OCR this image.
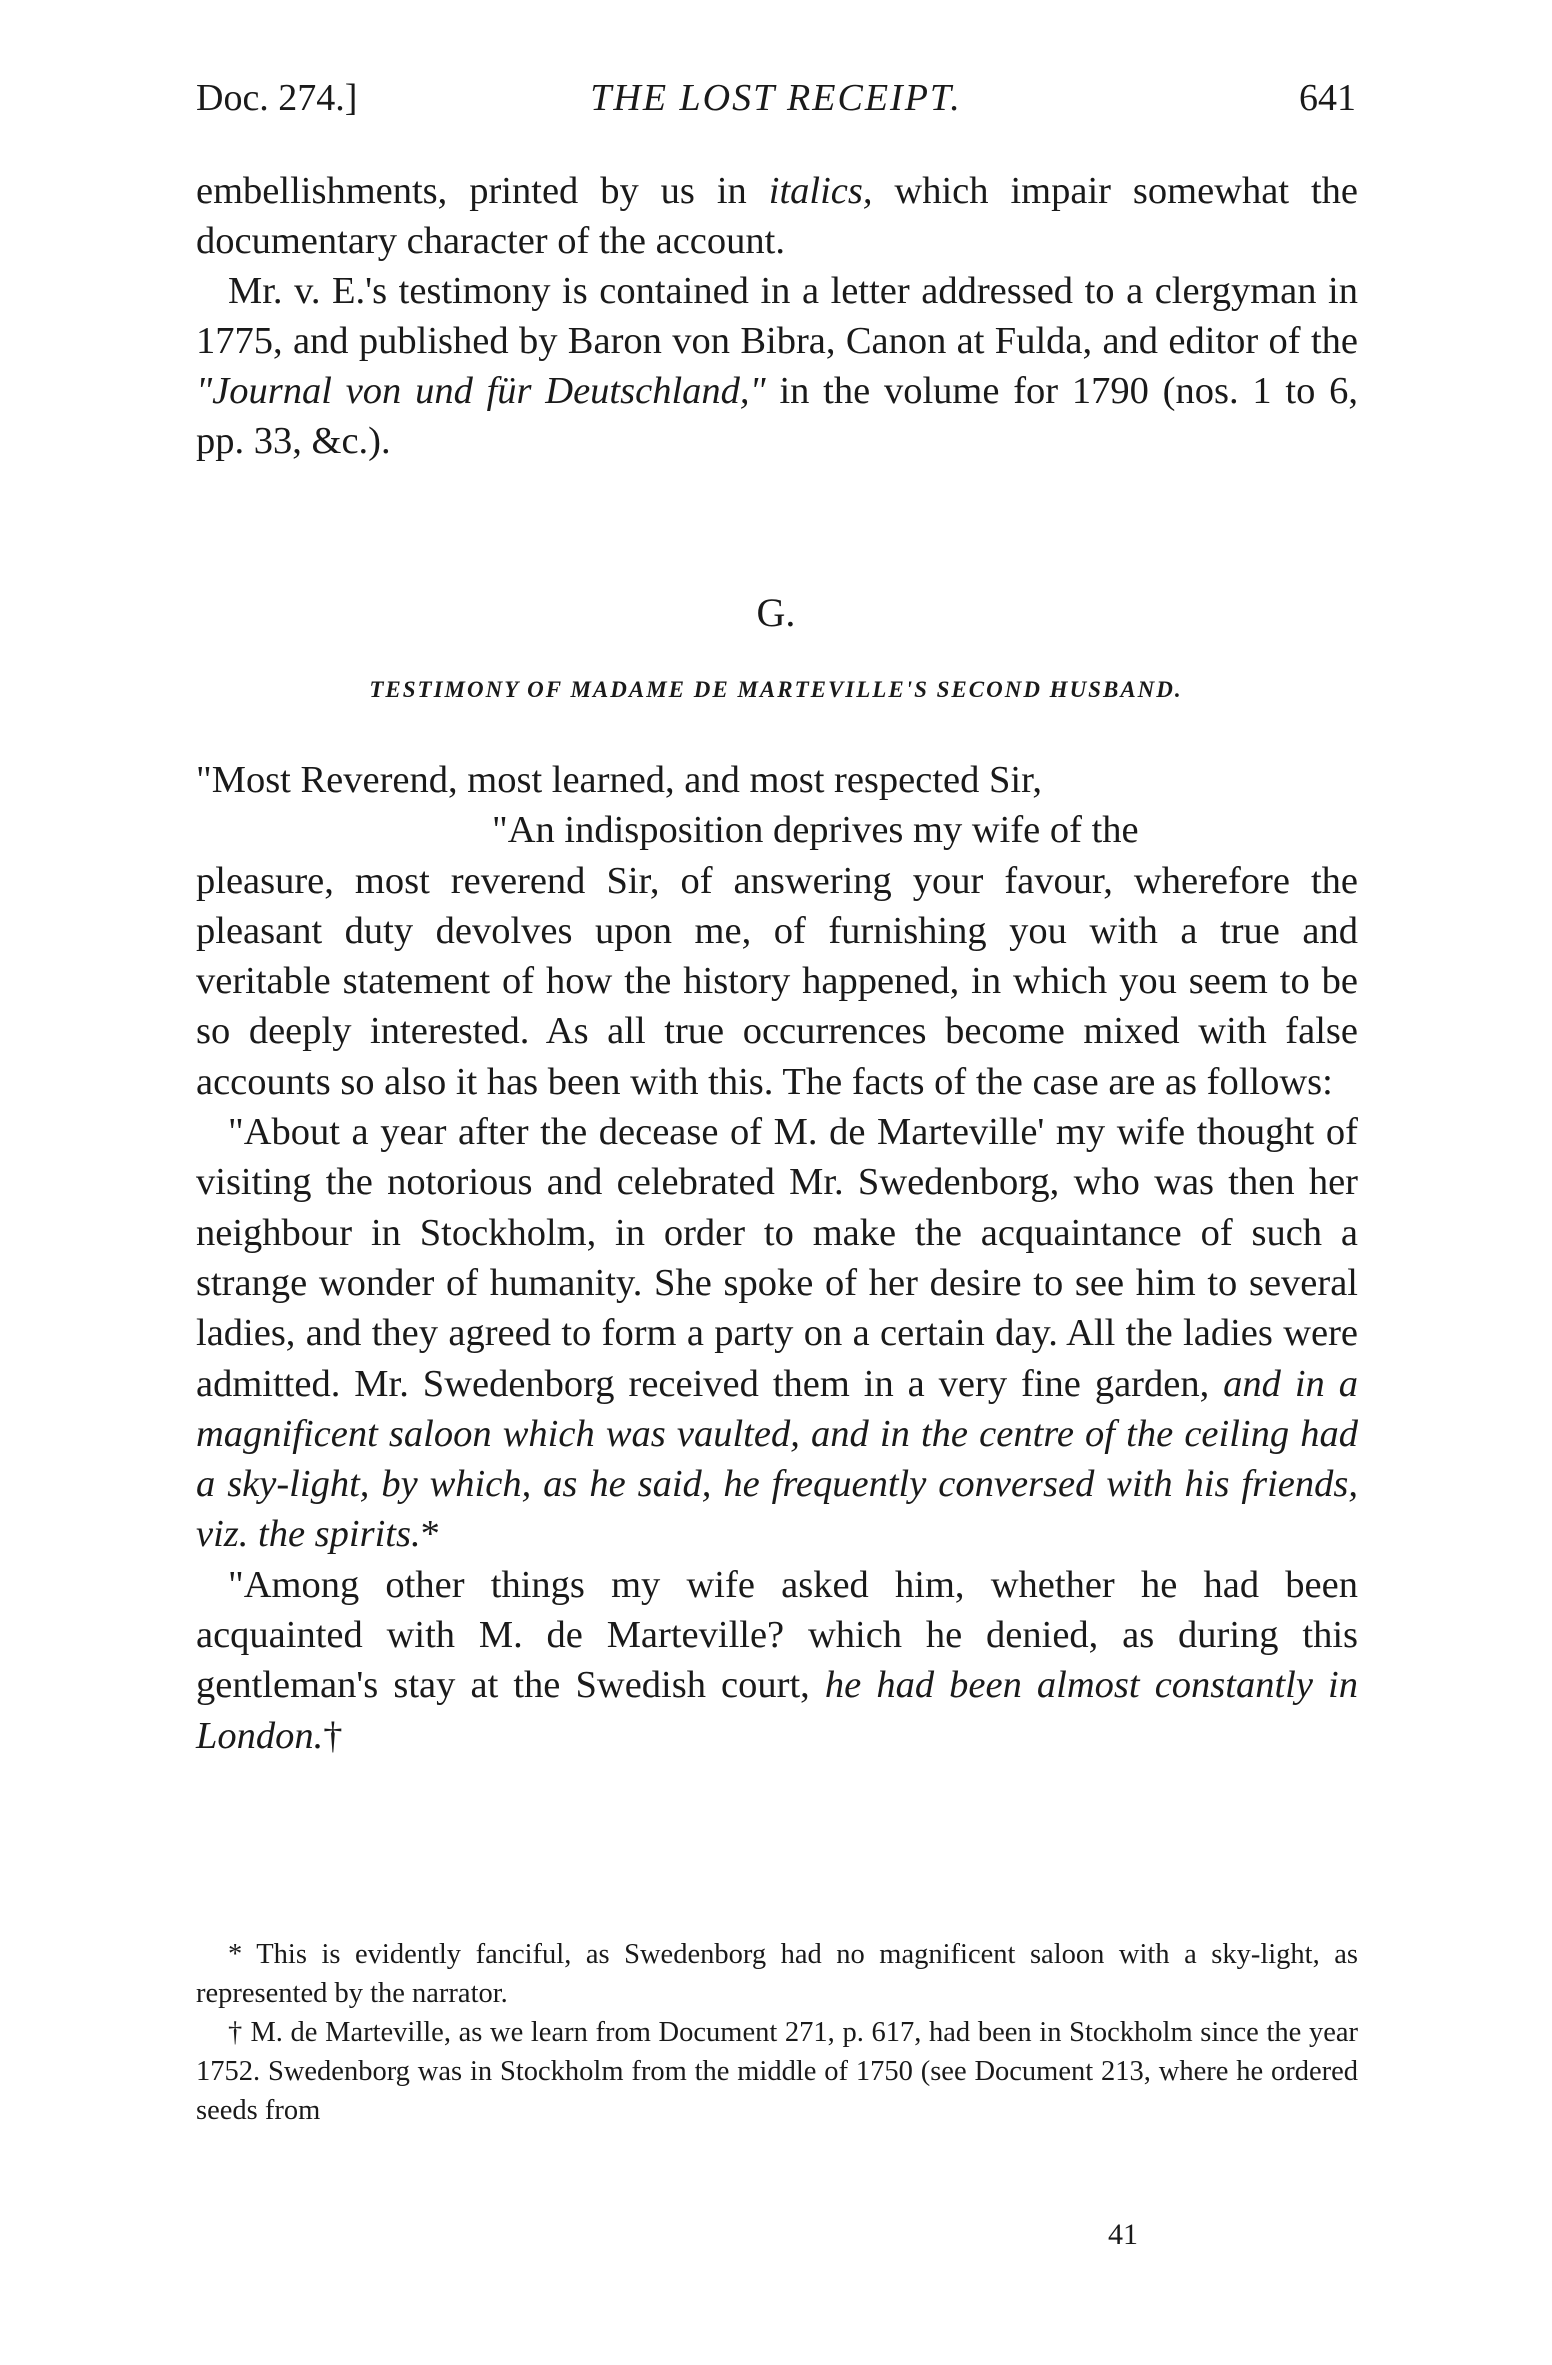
Doc. 274.]	THE LOST RECEIPT.	641

embellishments, printed by us in italics, which impair somewhat the documentary character of the account.

Mr. v. E.'s testimony is contained in a letter addressed to a clergyman in 1775, and published by Baron von Bibra, Canon at Fulda, and editor of the "Journal von und für Deutschland," in the volume for 1790 (nos. 1 to 6, pp. 33, &c.).

G.
TESTIMONY OF MADAME DE MARTEVILLE'S SECOND HUSBAND.

"Most Reverend, most learned, and most respected Sir,

"An indisposition deprives my wife of the

pleasure, most reverend Sir, of answering your favour, wherefore the pleasant duty devolves upon me, of furnishing you with a true and veritable statement of how the history happened, in which you seem to be so deeply interested. As all true occurrences become mixed with false accounts so also it has been with this. The facts of the case are as follows:

"About a year after the decease of M. de Marteville' my wife thought of visiting the notorious and celebrated Mr. Swedenborg, who was then her neighbour in Stockholm, in order to make the acquaintance of such a strange wonder of humanity. She spoke of her desire to see him to several ladies, and they agreed to form a party on a certain day. All the ladies were admitted. Mr. Swedenborg received them in a very fine garden, and in a magnificent saloon which was vaulted, and in the centre of the ceiling had a sky-light, by which, as he said, he frequently conversed with his friends, viz. the spirits.*

"Among other things my wife asked him, whether he had been acquainted with M. de Marteville? which he denied, as during this gentleman's stay at the Swedish court, he had been almost constantly in London.†

* This is evidently fanciful, as Swedenborg had no magnificent saloon with a sky-light, as represented by the narrator.

† M. de Marteville, as we learn from Document 271, p. 617, had been in Stockholm since the year 1752. Swedenborg was in Stockholm from the middle of 1750 (see Document 213, where he ordered seeds from

41
